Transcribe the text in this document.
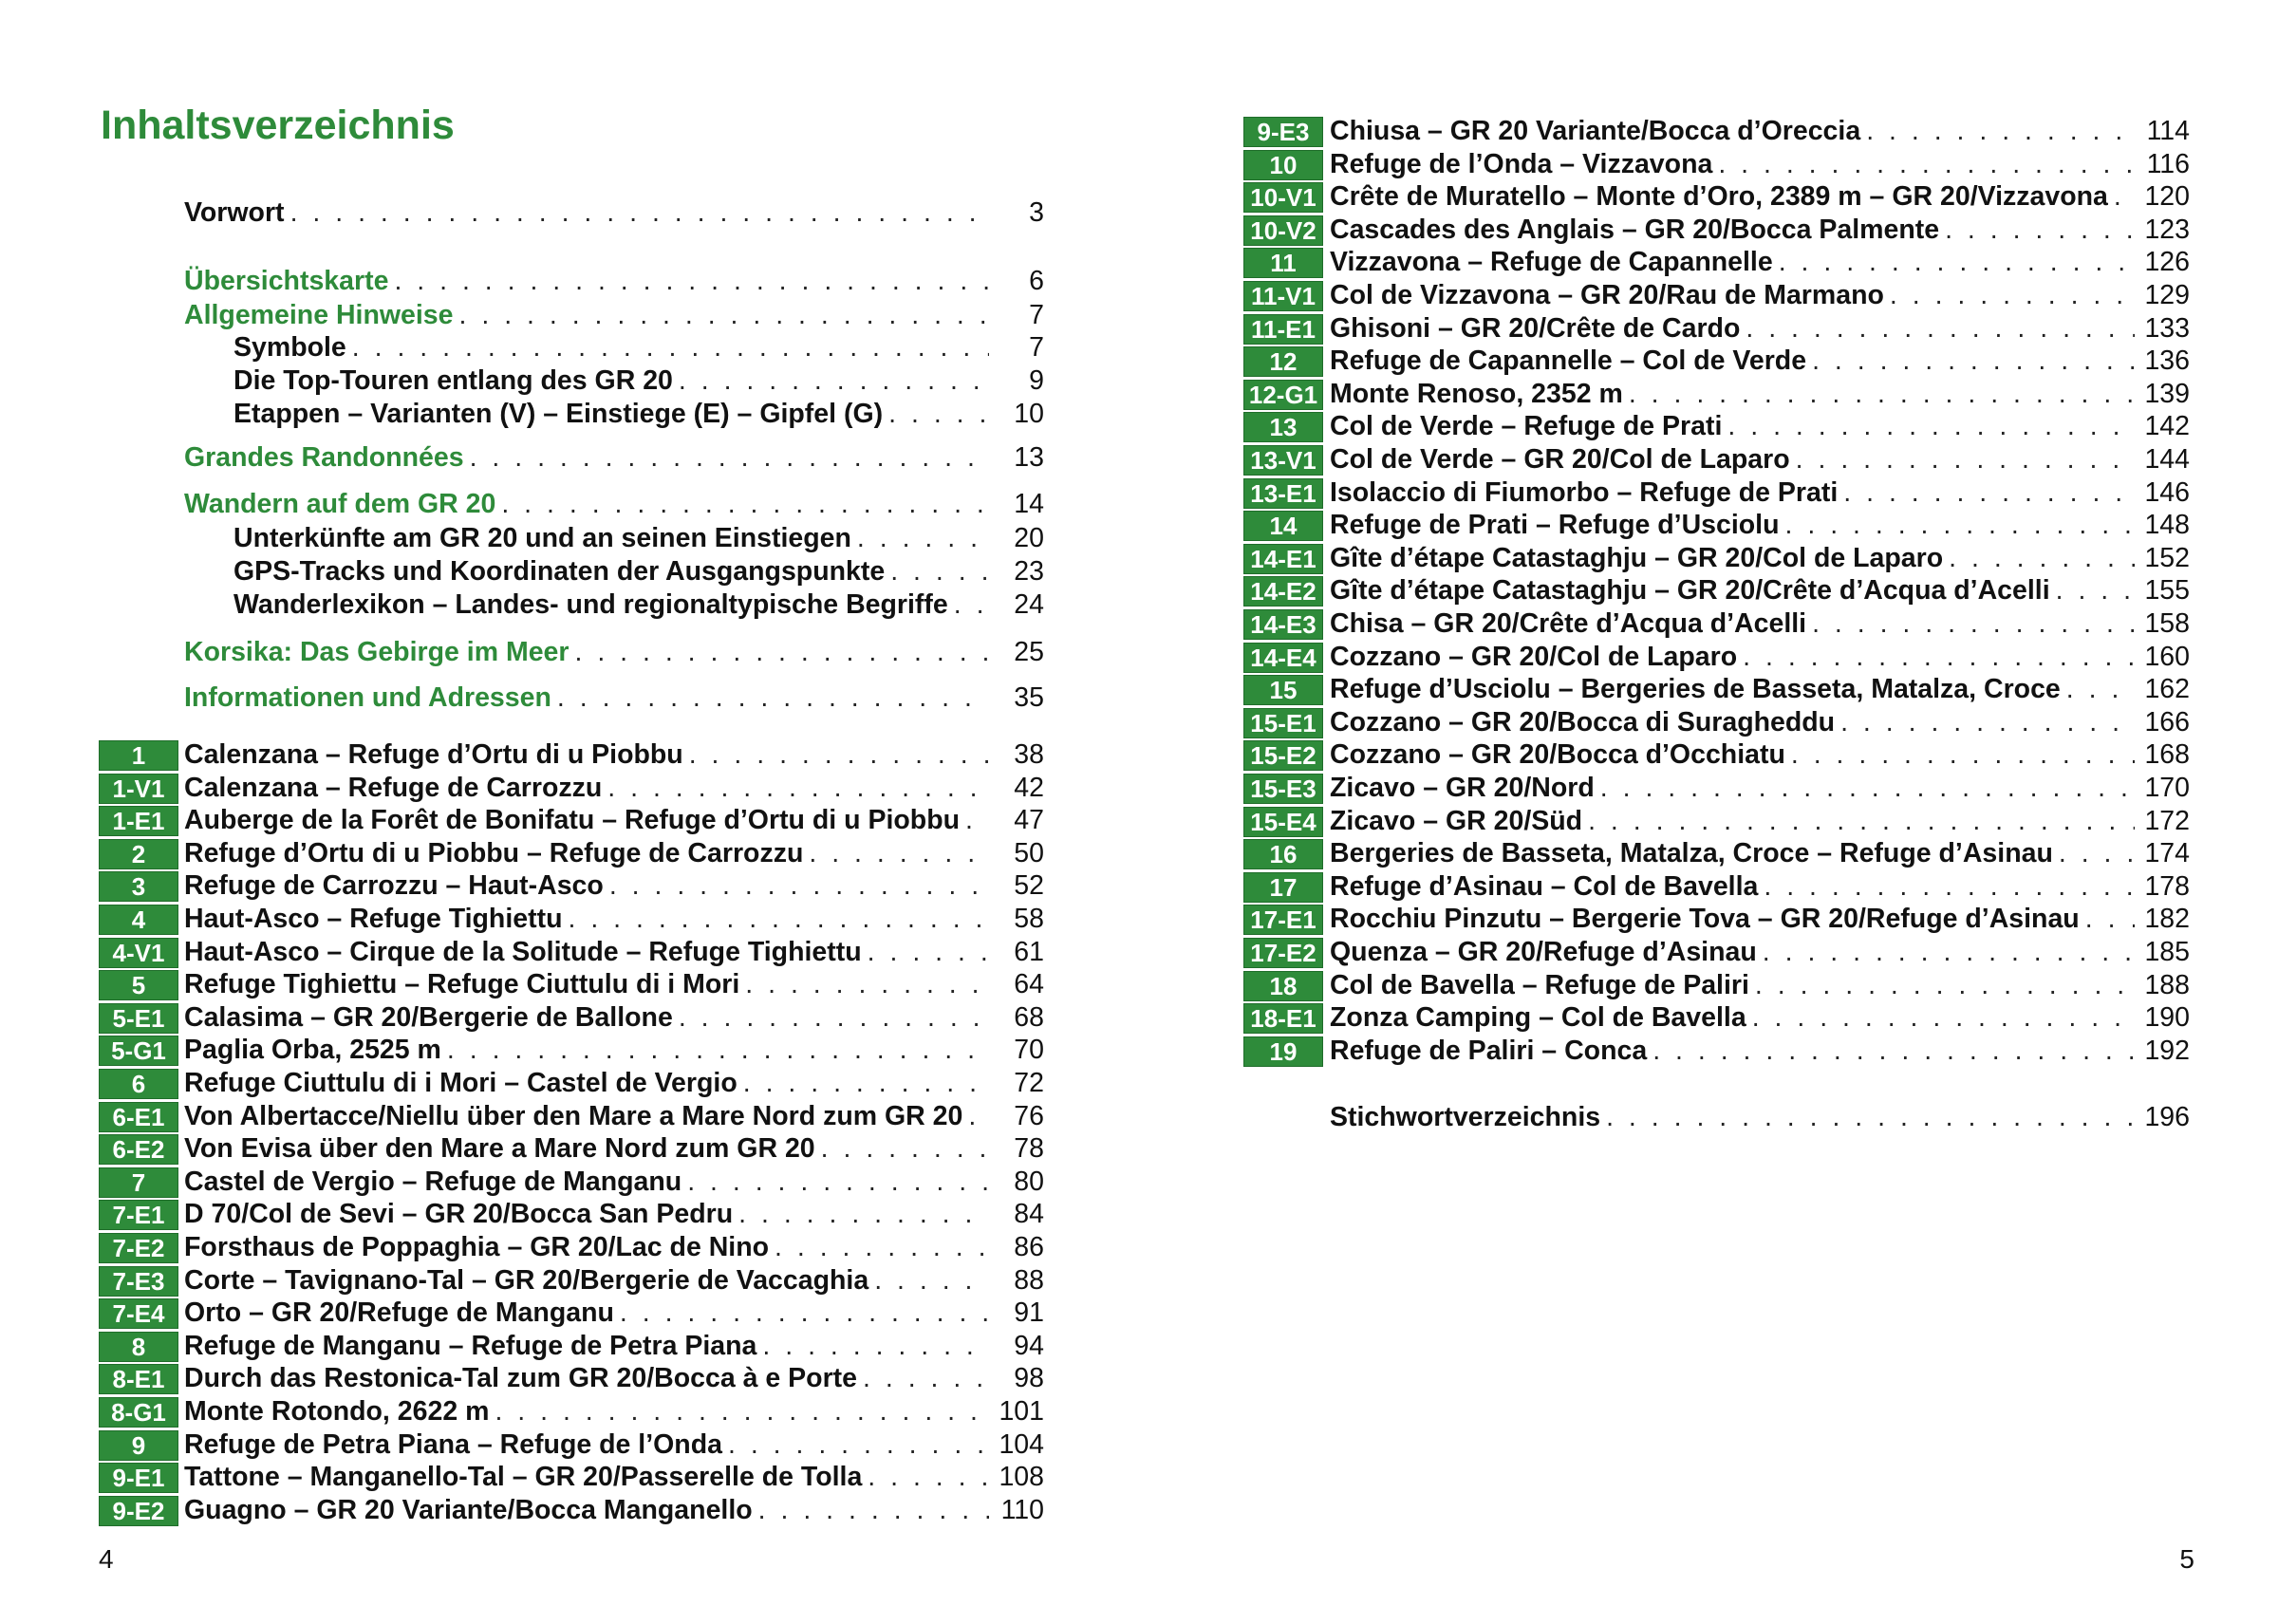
Inhaltsverzeichnis
Vorwort . . .	3
Übersichtskarte . . .	6
Allgemeine Hinweise . . .	7
Symbole . . .	7
Die Top-Touren entlang des GR 20 . . .	9
Etappen – Varianten (V) – Einstiege (E) – Gipfel (G) . . .	10
Grandes Randonnées . . .	13
Wandern auf dem GR 20 . . .	14
Unterkünfte am GR 20 und an seinen Einstiegen . . .	20
GPS-Tracks und Koordinaten der Ausgangspunkte . . .	23
Wanderlexikon – Landes- und regionaltypische Begriffe . . .	24
Korsika: Das Gebirge im Meer . . .	25
Informationen und Adressen . . .	35
1	Calenzana – Refuge d’Ortu di u Piobbu . . .	38
1-V1 Calenzana – Refuge de Carrozzu . . .	42
1-E1 Auberge de la Forêt de Bonifatu – Refuge d’Ortu di u Piobbu . . .	47
2	Refuge d’Ortu di u Piobbu – Refuge de Carrozzu . . .	50
3	Refuge de Carrozzu – Haut-Asco . . .	52
4	Haut-Asco – Refuge Tighiettu . . .	58
4-V1 Haut-Asco – Cirque de la Solitude – Refuge Tighiettu . . .	61
5	Refuge Tighiettu – Refuge Ciuttulu di i Mori . . .	64
5-E1 Calasima – GR 20/Bergerie de Ballone . . .	68
5-G1 Paglia Orba, 2525 m . . .	70
6	Refuge Ciuttulu di i Mori – Castel de Vergio . . .	72
6-E1 Von Albertacce/Niellu über den Mare a Mare Nord zum GR 20 . . .	76
6-E2 Von Evisa über den Mare a Mare Nord zum GR 20 . . .	78
7	Castel de Vergio – Refuge de Manganu . . .	80
7-E1 D 70/Col de Sevi – GR 20/Bocca San Pedru . . .	84
7-E2 Forsthaus de Poppaghia – GR 20/Lac de Nino . . .	86
7-E3 Corte – Tavignano-Tal – GR 20/Bergerie de Vaccaghia . . .	88
7-E4 Orto – GR 20/Refuge de Manganu . . .	91
8	Refuge de Manganu – Refuge de Petra Piana . . .	94
8-E1 Durch das Restonica-Tal zum GR 20/Bocca à e Porte . . .	98
8-G1 Monte Rotondo, 2622 m . . .	101
9	Refuge de Petra Piana – Refuge de l’Onda . . .	104
9-E1 Tattone – Manganello-Tal – GR 20/Passerelle de Tolla . . .	108
9-E2 Guagno – GR 20 Variante/Bocca Manganello . . .	110
4
9-E3 Chiusa – GR 20 Variante/Bocca d’Oreccia . . .	114
10	Refuge de l’Onda – Vizzavona . . .	116
10-V1 Crête de Muratello – Monte d’Oro, 2389 m – GR 20/Vizzavona . . . 120
10-V2 Cascades des Anglais – GR 20/Bocca Palmente . . .	123
11	Vizzavona – Refuge de Capannelle . . .	126
11-V1 Col de Vizzavona – GR 20/Rau de Marmano . . .	129
11-E1 Ghisoni – GR 20/Crête de Cardo . . .	133
12	Refuge de Capannelle – Col de Verde . . .	136
12-G1 Monte Renoso, 2352 m . . .	139
13	Col de Verde – Refuge de Prati . . .	142
13-V1 Col de Verde – GR 20/Col de Laparo . . .	144
13-E1 Isolaccio di Fiumorbo – Refuge de Prati . . .	146
14	Refuge de Prati – Refuge d’Usciolu . . .	148
14-E1 Gîte d’étape Catastaghju – GR 20/Col de Laparo . . .	152
14-E2 Gîte d’étape Catastaghju – GR 20/Crête d’Acqua d’Acelli . . .	155
14-E3 Chisa – GR 20/Crête d’Acqua d’Acelli . . .	158
14-E4 Cozzano – GR 20/Col de Laparo . . .	160
15	Refuge d’Usciolu – Bergeries de Basseta, Matalza, Croce . . .	162
15-E1 Cozzano – GR 20/Bocca di Suragheddu . . .	166
15-E2 Cozzano – GR 20/Bocca d’Occhiatu . . .	168
15-E3 Zicavo – GR 20/Nord . . .	170
15-E4 Zicavo – GR 20/Süd . . .	172
16	Bergeries de Basseta, Matalza, Croce – Refuge d’Asinau . . .	174
17	Refuge d’Asinau – Col de Bavella . . .	178
17-E1 Rocchiu Pinzutu – Bergerie Tova – GR 20/Refuge d’Asinau . . . 182
17-E2 Quenza – GR 20/Refuge d’Asinau . . .	185
18	Col de Bavella – Refuge de Paliri . . .	188
18-E1 Zonza Camping – Col de Bavella . . .	190
19	Refuge de Paliri – Conca . . .	192
Stichwortverzeichnis . . .	196
5
